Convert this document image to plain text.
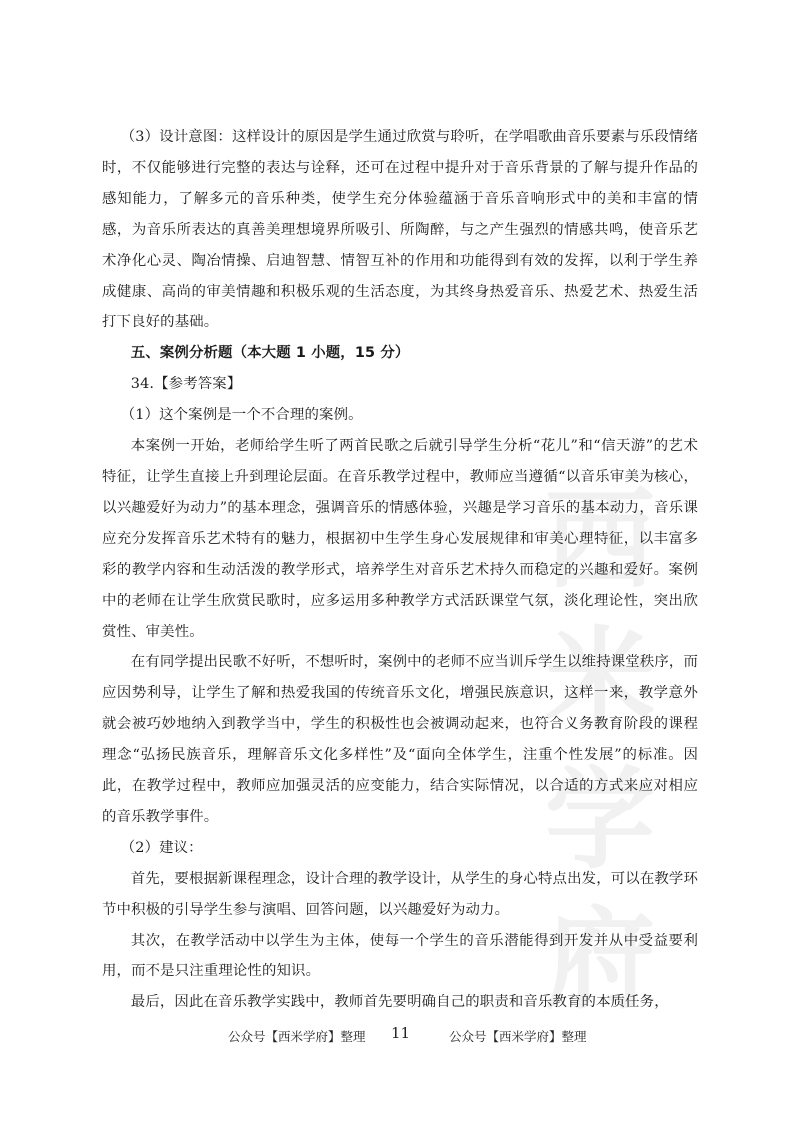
西
米
学
府

（3）设计意图：这样设计的原因是学生通过欣赏与聆听，在学唱歌曲音乐要素与乐段情绪时，不仅能够进行完整的表达与诠释，还可在过程中提升对于音乐背景的了解与提升作品的感知能力，了解多元的音乐种类，使学生充分体验蕴涵于音乐音响形式中的美和丰富的情感，为音乐所表达的真善美理想境界所吸引、所陶醉，与之产生强烈的情感共鸣，使音乐艺术净化心灵、陶冶情操、启迪智慧、情智互补的作用和功能得到有效的发挥，以利于学生养成健康、高尚的审美情趣和积极乐观的生活态度，为其终身热爱音乐、热爱艺术、热爱生活打下良好的基础。

五、案例分析题（本大题 1 小题，15 分）

34.【参考答案】

（1）这个案例是一个不合理的案例。

本案例一开始，老师给学生听了两首民歌之后就引导学生分析“花儿”和“信天游”的艺术特征，让学生直接上升到理论层面。在音乐教学过程中，教师应当遵循“以音乐审美为核心，以兴趣爱好为动力”的基本理念，强调音乐的情感体验，兴趣是学习音乐的基本动力，音乐课应充分发挥音乐艺术特有的魅力，根据初中生学生身心发展规律和审美心理特征，以丰富多彩的教学内容和生动活泼的教学形式，培养学生对音乐艺术持久而稳定的兴趣和爱好。案例中的老师在让学生欣赏民歌时，应多运用多种教学方式活跃课堂气氛，淡化理论性，突出欣赏性、审美性。

在有同学提出民歌不好听，不想听时，案例中的老师不应当训斥学生以维持课堂秩序，而应因势利导，让学生了解和热爱我国的传统音乐文化，增强民族意识，这样一来，教学意外就会被巧妙地纳入到教学当中，学生的积极性也会被调动起来，也符合义务教育阶段的课程理念“弘扬民族音乐，理解音乐文化多样性”及“面向全体学生，注重个性发展”的标准。因此，在教学过程中，教师应加强灵活的应变能力，结合实际情况，以合适的方式来应对相应的音乐教学事件。

（2）建议：

首先，要根据新课程理念，设计合理的教学设计，从学生的身心特点出发，可以在教学环节中积极的引导学生参与演唱、回答问题，以兴趣爱好为动力。

其次，在教学活动中以学生为主体，使每一个学生的音乐潜能得到开发并从中受益要利用，而不是只注重理论性的知识。

最后，因此在音乐教学实践中，教师首先要明确自己的职责和音乐教育的本质任务，

公众号【西米学府】整理 11	公众号【西米学府】整理
